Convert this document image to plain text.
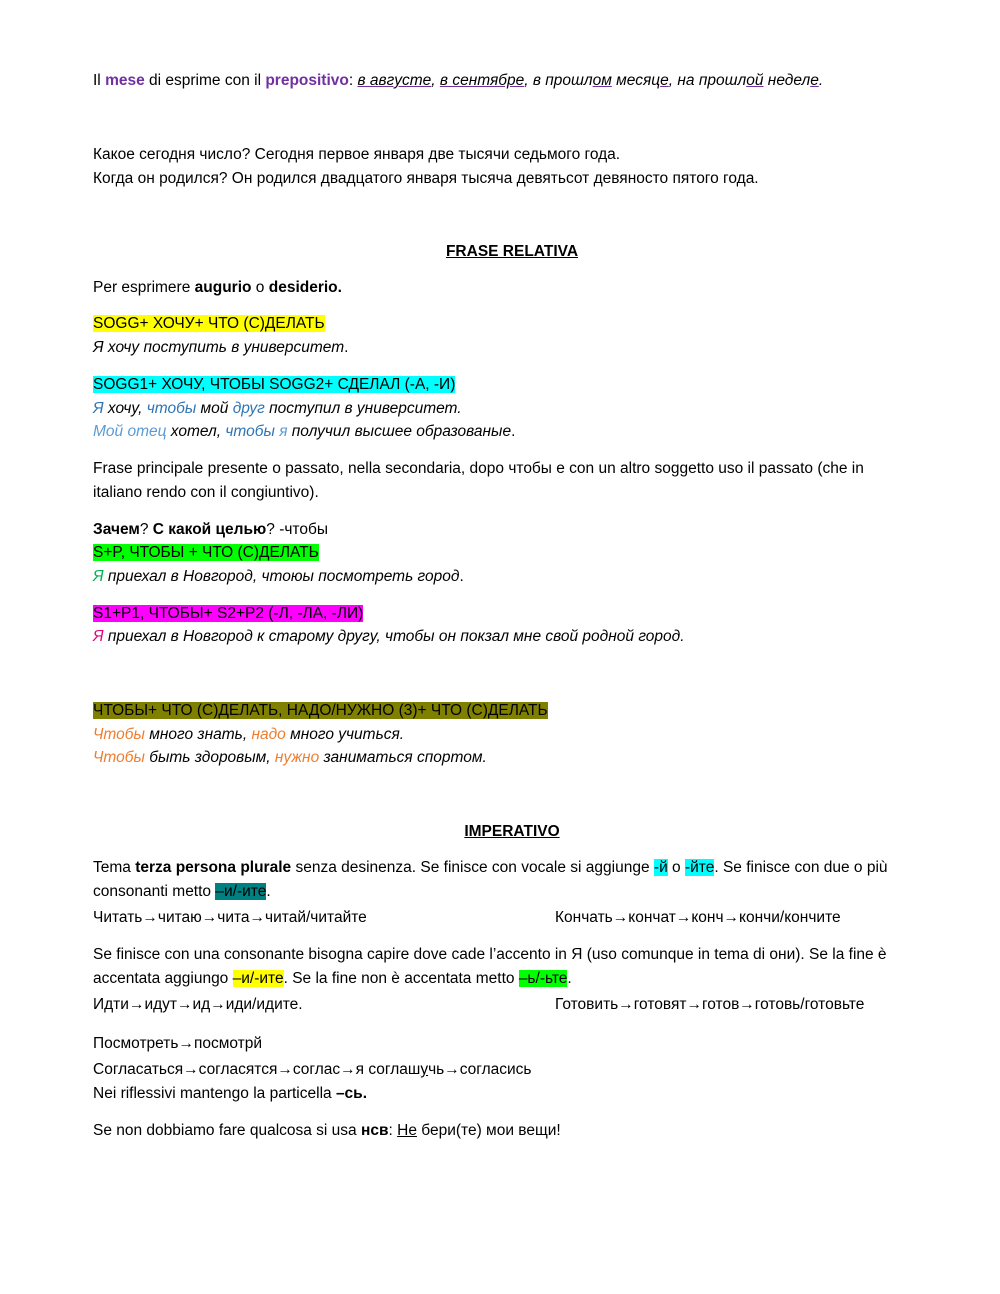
Il mese di esprime con il prepositivo: в августе, в сентябре, в прошлом месяце, на прошлой неделе.
Какое сегодня число? Сегодня первое января две тысячи седьмого года.
Когда он родился? Он родился двадцатого января тысяча девятьсот девяносто пятого года.
FRASE RELATIVA
Per esprimere augurio o desiderio.
SOGG+ ХОЧУ+ ЧТО (С)ДЕЛАТЬ
Я хочу поступить в университет.
SOGG1+ ХОЧУ, ЧТОБЫ SOGG2+ СДЕЛАЛ (-А, -И)
Я хочу, чтобы мой друг поступил в университет.
Мой отец хотел, чтобы я получил высшее образованые.
Frase principale presente o passato, nella secondaria, dopo чтобы e con un altro soggetto uso il passato (che in
italiano rendo con il congiuntivo).
Зачем? С какой целью? -чтобы
S+P, ЧТОБЫ + ЧТО (С)ДЕЛАТЬ
Я приехал в Новгород, чтоюы посмотреть город.
S1+P1, ЧТОБЫ+ S2+P2 (-Л, -ЛА, -ЛИ)
Я приехал в Новгород к старому другу, чтобы он покзал мне свой родной город.
ЧТОБЫ+ ЧТО (С)ДЕЛАТЬ, НАДО/НУЖНО (3)+ ЧТО (С)ДЕЛАТЬ
Чтобы много знать, надо много учиться.
Чтобы быть здоровым, нужно заниматься спортом.
IMPERATIVO
Tema terza persona plurale senza desinenza. Se finisce con vocale si aggiunge -й o -йте. Se finisce con due o più
consonanti metto –и/-ите.
Читать→читаю→чита→читай/читайте	Кончать→кончат→конч→кончи/кончите
Se finisce con una consonante bisogna capire dove cade l’accento in Я (uso comunque in tema di они). Se la fine è
accentata aggiungo –и/-ите. Se la fine non è accentata metto –ь/-ьте.
Идти→идут→ид→иди/идите.	Готовить→готовят→готов→готовь/готовьте
Посмотреть→посмотрй
Согласаться→согласятся→соглас→я соглашучь→согласись
Nei riflessivi mantengo la particella –сь.
Se non dobbiamo fare qualcosa si usa нсв: Не бери(те) мои вещи!
